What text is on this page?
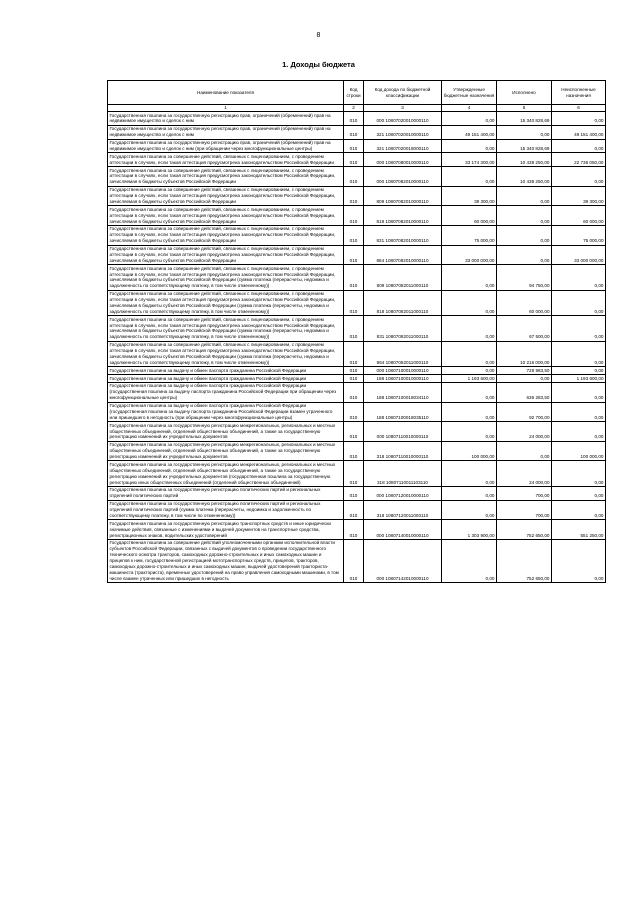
8
1. Доходы бюджета
Наименование показателя	Код строки	Код дохода по бюджетной классификации	Утвержденные бюджетные назначения	Исполнено	Неисполненные назначения
1	2	3	4	5	6
Государственная пошлина за государственную регистрацию прав, ограничений (обременений) прав на недвижимое имущество и сделок с ним	010	000 10807020010000110	0,00	15 340 828,69	0,00
Государственная пошлина за государственную регистрацию прав, ограничений (обременений) прав на недвижимое имущество и сделок с ним	010	321 10807020010000110	49 151 400,00	0,00	49 151 400,00
Государственная пошлина за государственную регистрацию прав, ограничений (обременений) прав на недвижимое имущество и сделок с ним (при обращении через многофункциональные центры)	010	321 10807020018000110	0,00	15 340 828,69	0,00
Государственная пошлина за совершение действий, связанных с лицензированием, с проведением аттестации в случаях, если такая аттестация предусмотрена законодательством Российской Федерации	010	000 10807080010000110	33 174 300,00	10 438 250,00	22 736 050,00
Государственная пошлина за совершение действий, связанных с лицензированием, с проведением аттестации в случаях, если такая аттестация предусмотрена законодательством Российской Федерации, зачисляемая в бюджеты субъектов Российской Федерации	010	000 10807082010000110	0,00	10 438 250,00	0,00
Государственная пошлина за совершение действий, связанных с лицензированием, с проведением аттестации в случаях, если такая аттестация предусмотрена законодательством Российской Федерации, зачисляемая в бюджеты субъектов Российской Федерации	010	809 10807082010000110	39 300,00	0,00	39 300,00
Государственная пошлина за совершение действий, связанных с лицензированием, с проведением аттестации в случаях, если такая аттестация предусмотрена законодательством Российской Федерации, зачисляемая в бюджеты субъектов Российской Федерации	010	818 10807082010000110	60 000,00	0,00	60 000,00
Государственная пошлина за совершение действий, связанных с лицензированием, с проведением аттестации в случаях, если такая аттестация предусмотрена законодательством Российской Федерации, зачисляемая в бюджеты субъектов Российской Федерации	010	831 10807082010000110	75 000,00	0,00	75 000,00
Государственная пошлина за совершение действий, связанных с лицензированием, с проведением аттестации в случаях, если такая аттестация предусмотрена законодательством Российской Федерации, зачисляемая в бюджеты субъектов Российской Федерации	010	864 10807082010000110	33 000 000,00	0,00	33 000 000,00
Государственная пошлина за совершение действий, связанных с лицензированием, с проведением аттестации в случаях, если такая аттестация предусмотрена законодательством Российской Федерации, зачисляемая в бюджеты субъектов Российской Федерации (сумма платежа (перерасчеты, недоимка и задолженность по соответствующему платежу, в том числе отмененному))	010	809 10807082011000110	0,00	94 750,00	0,00
Государственная пошлина за совершение действий, связанных с лицензированием, с проведением аттестации в случаях, если такая аттестация предусмотрена законодательством Российской Федерации, зачисляемая в бюджеты субъектов Российской Федерации (сумма платежа (перерасчеты, недоимка и задолженность по соответствующему платежу, в том числе отмененному))	010	818 10807082011000110	0,00	60 000,00	0,00
Государственная пошлина за совершение действий, связанных с лицензированием, с проведением аттестации в случаях, если такая аттестация предусмотрена законодательством Российской Федерации, зачисляемая в бюджеты субъектов Российской Федерации (сумма платежа (перерасчеты, недоимка и задолженность по соответствующему платежу, в том числе отмененному))	010	831 10807082011000110	0,00	67 500,00	0,00
Государственная пошлина за совершение действий, связанных с лицензированием, с проведением аттестации в случаях, если такая аттестация предусмотрена законодательством Российской Федерации, зачисляемая в бюджеты субъектов Российской Федерации (сумма платежа (перерасчеты, недоимка и задолженность по соответствующему платежу, в том числе отмененному))	010	864 10807082011000110	0,00	10 216 000,00	0,00
Государственная пошлина за выдачу и обмен паспорта гражданина Российской Федерации	010	000 10807100010000110	0,00	728 983,50	0,00
Государственная пошлина за выдачу и обмен паспорта гражданина Российской Федерации	010	188 10807100010000110	1 193 600,00	0,00	1 193 600,00
Государственная пошлина за выдачу и обмен паспорта гражданина Российской Федерации (государственная пошлина за выдачу паспорта гражданина Российской Федерации при обращении через многофункциональные центры)	010	188 10807100018034110	0,00	636 283,50	0,00
Государственная пошлина за выдачу и обмен паспорта гражданина Российской Федерации (государственная пошлина за выдачу паспорта гражданина Российской Федерации взамен утраченного или пришедшего в негодность (при обращении через многофункциональные центры)	010	188 10807100018035110	0,00	92 700,00	0,00
Государственная пошлина за государственную регистрацию межрегиональных, региональных и местных общественных объединений, отделений общественных объединений, а также за государственную регистрацию изменений их учредительных документов	010	000 10807110010000110	0,00	24 000,00	0,00
Государственная пошлина за государственную регистрацию межрегиональных, региональных и местных общественных объединений, отделений общественных объединений, а также за государственную регистрацию изменений их учредительных документов	010	318 10807110010000110	100 000,00	0,00	100 000,00
Государственная пошлина за государственную регистрацию межрегиональных, региональных и местных общественных объединений, отделений общественных объединений, а также за государственную регистрацию изменений их учредительных документов (государственная пошлина за государственную регистрацию иных общественных объединений (отделений общественных объединений)	010	318 10807110011103110	0,00	24 000,00	0,00
Государственная пошлина за государственную регистрацию политических партий и региональных отделений политических партий	010	000 10807120010000110	0,00	700,00	0,00
Государственная пошлина за государственную регистрацию политических партий и региональных отделений политических партий (сумма платежа (перерасчеты, недоимка и задолженность по соответствующему платежу, в том числе по отмененному))	010	318 10807120011000110	0,00	700,00	0,00
Государственная пошлина за государственную регистрацию транспортных средств и иные юридически значимые действия, связанные с изменениями и выдачей документов на транспортные средства, регистрационных знаков, водительских удостоверений	010	000 10807140010000110	1 303 900,00	752 650,00	551 250,00
Государственная пошлина за совершение действий уполномоченными органами исполнительной власти субъектов Российской Федерации, связанных с выдачей документов о проведении государственного технического осмотра тракторов, самоходных дорожно-строительных и иных самоходных машин и прицепов к ним, государственной регистрацией мототранспортных средств, прицепов, тракторов, самоходных дорожно-строительных и иных самоходных машин, выдачей удостоверений тракториста-машиниста (тракториста), временных удостоверений на право управления самоходными машинами, в том числе взамен утраченных или пришедших в негодность	010	000 10807142010000110	0,00	752 650,00	0,00
